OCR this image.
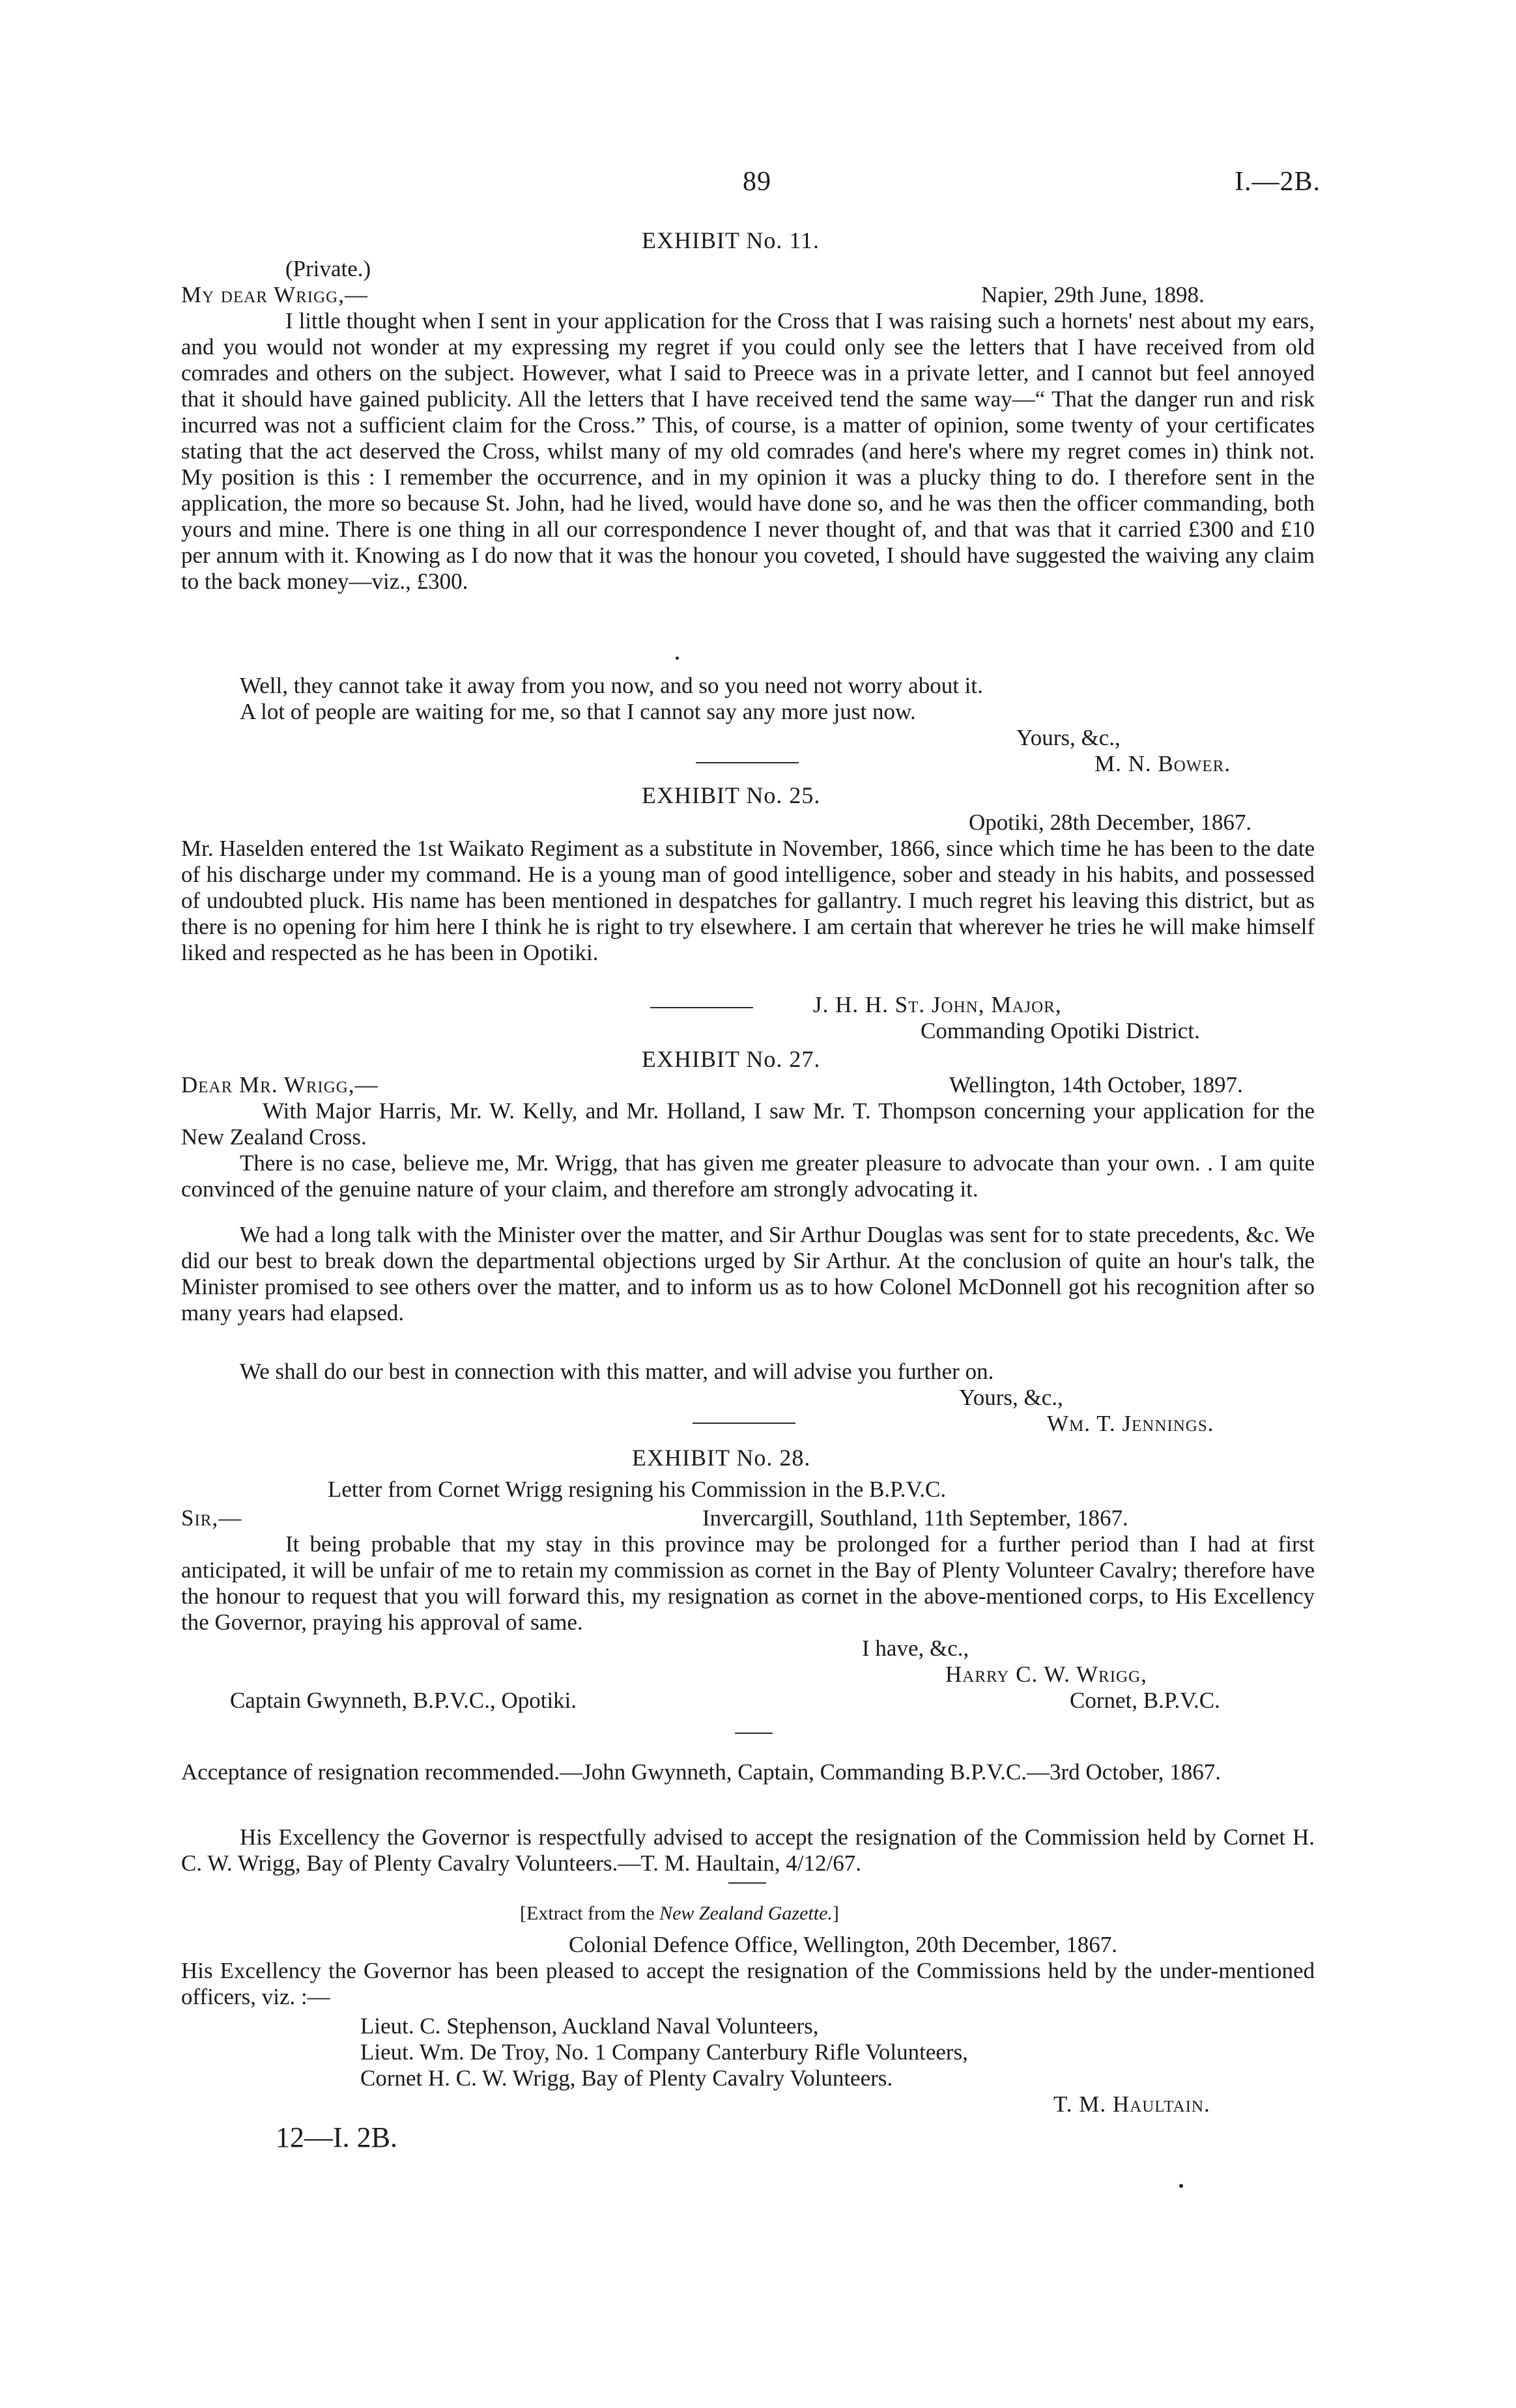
89	I.—2B.
EXHIBIT No. 11.
(Private.)
My dear Wrigg,—	Napier, 29th June, 1898.
I little thought when I sent in your application for the Cross that I was raising such a hornets' nest about my ears, and you would not wonder at my expressing my regret if you could only see the letters that I have received from old comrades and others on the subject. However, what I said to Preece was in a private letter, and I cannot but feel annoyed that it should have gained publicity. All the letters that I have received tend the same way—“ That the danger run and risk incurred was not a sufficient claim for the Cross.” This, of course, is a matter of opinion, some twenty of your certificates stating that the act deserved the Cross, whilst many of my old comrades (and here's where my regret comes in) think not. My position is this : I remember the occurrence, and in my opinion it was a plucky thing to do. I therefore sent in the application, the more so because St. John, had he lived, would have done so, and he was then the officer commanding, both yours and mine. There is one thing in all our correspondence I never thought of, and that was that it carried £300 and £10 per annum with it. Knowing as I do now that it was the honour you coveted, I should have suggested the waiving any claim to the back money—viz., £300.
Well, they cannot take it away from you now, and so you need not worry about it.
A lot of people are waiting for me, so that I cannot say any more just now.
Yours, &c.,
M. N. Bower.
EXHIBIT No. 25.
Opotiki, 28th December, 1867.
Mr. Haselden entered the 1st Waikato Regiment as a substitute in November, 1866, since which time he has been to the date of his discharge under my command. He is a young man of good intelligence, sober and steady in his habits, and possessed of undoubted pluck. His name has been mentioned in despatches for gallantry. I much regret his leaving this district, but as there is no opening for him here I think he is right to try elsewhere. I am certain that wherever he tries he will make himself liked and respected as he has been in Opotiki.
J. H. H. St. John, Major,
Commanding Opotiki District.
EXHIBIT No. 27.
Dear Mr. Wrigg,—	Wellington, 14th October, 1897.
With Major Harris, Mr. W. Kelly, and Mr. Holland, I saw Mr. T. Thompson concerning your application for the New Zealand Cross.
There is no case, believe me, Mr. Wrigg, that has given me greater pleasure to advocate than your own. . I am quite convinced of the genuine nature of your claim, and therefore am strongly advocating it.
We had a long talk with the Minister over the matter, and Sir Arthur Douglas was sent for to state precedents, &c. We did our best to break down the departmental objections urged by Sir Arthur. At the conclusion of quite an hour's talk, the Minister promised to see others over the matter, and to inform us as to how Colonel McDonnell got his recognition after so many years had elapsed.
We shall do our best in connection with this matter, and will advise you further on.
Yours, &c.,
Wm. T. Jennings.
EXHIBIT No. 28.
Letter from Cornet Wrigg resigning his Commission in the B.P.V.C.
Sir,—	Invercargill, Southland, 11th September, 1867.
It being probable that my stay in this province may be prolonged for a further period than I had at first anticipated, it will be unfair of me to retain my commission as cornet in the Bay of Plenty Volunteer Cavalry; therefore have the honour to request that you will forward this, my resignation as cornet in the above-mentioned corps, to His Excellency the Governor, praying his approval of same.
I have, &c.,
Harry C. W. Wrigg,
Captain Gwynneth, B.P.V.C., Opotiki.	Cornet, B.P.V.C.
Acceptance of resignation recommended.—John Gwynneth, Captain, Commanding B.P.V.C.—3rd October, 1867.
His Excellency the Governor is respectfully advised to accept the resignation of the Commission held by Cornet H. C. W. Wrigg, Bay of Plenty Cavalry Volunteers.—T. M. Haultain, 4/12/67.
[Extract from the New Zealand Gazette.]
Colonial Defence Office, Wellington, 20th December, 1867.
His Excellency the Governor has been pleased to accept the resignation of the Commissions held by the under-mentioned officers, viz. :—
Lieut. C. Stephenson, Auckland Naval Volunteers,
Lieut. Wm. De Troy, No. 1 Company Canterbury Rifle Volunteers,
Cornet H. C. W. Wrigg, Bay of Plenty Cavalry Volunteers.
T. M. Haultain.
12—I. 2B.
